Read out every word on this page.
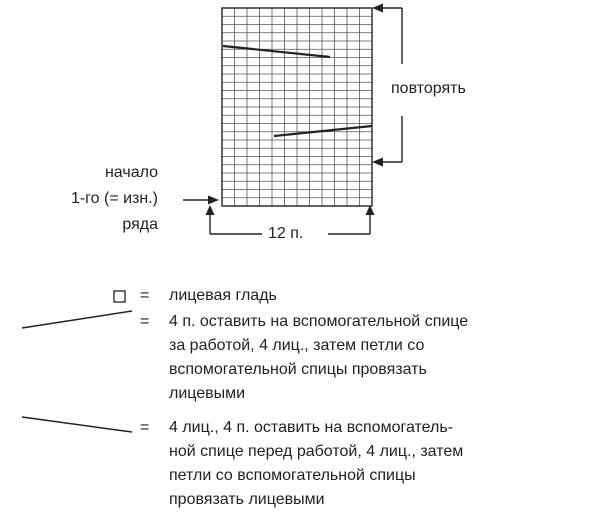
повторять
начало
1-го (= изн.)
ряда
12 п.
= лицевая гладь
= 4 п. оставить на вспомогательной спице
за работой, 4 лиц., затем петли со
вспомогательной спицы провязать
лицевыми
= 4 лиц., 4 п. оставить на вспомогатель-
ной спице перед работой, 4 лиц., затем
петли со вспомогательной спицы
провязать лицевыми
